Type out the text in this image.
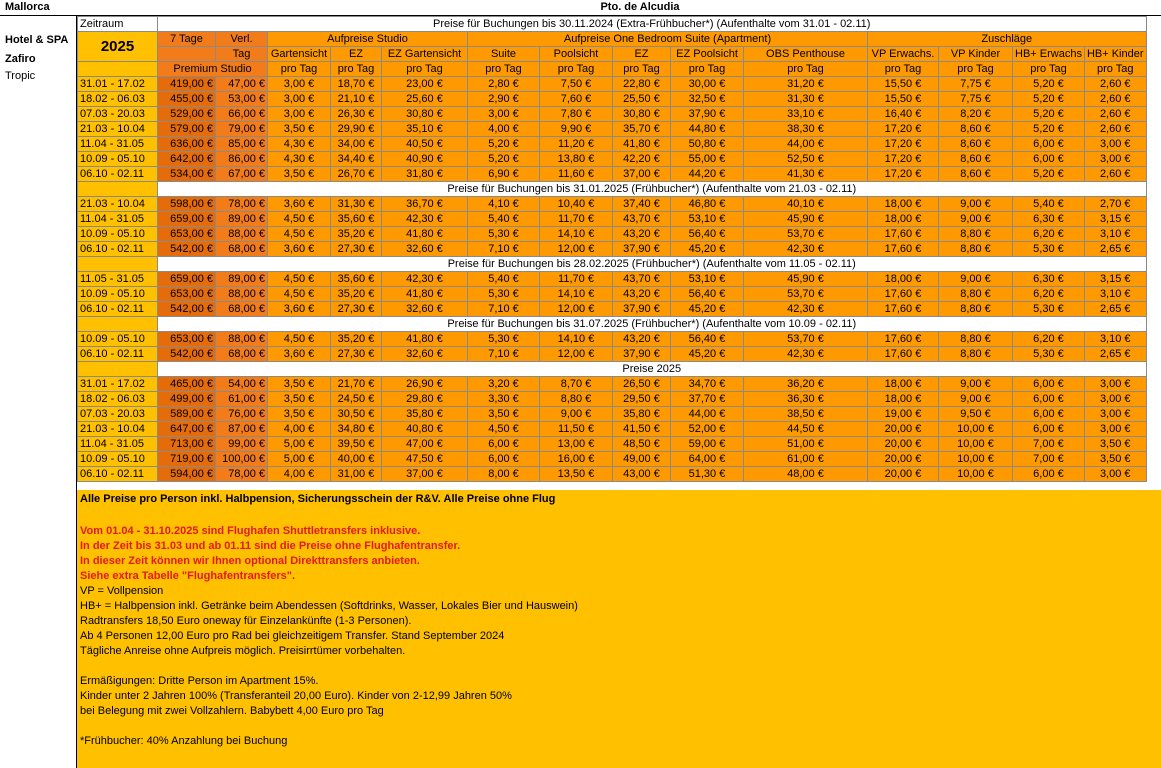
Mallorca	Pto. de Alcudia
Hotel & SPA
Zafiro
Tropic
Zeitraum	Preise für Buchungen bis 30.11.2024 (Extra-Frühbucher*) (Aufenthalte vom 31.01 - 02.11)													
2025	7 Tage	Verl.	Aufpreise Studio			Aufpreise One Bedroom Suite (Apartment)					Zuschläge			
		Tag	Gartensicht	EZ	EZ Gartensicht	Suite	Poolsicht	EZ	EZ Poolsicht	OBS Penthouse	VP Erwachs.	VP Kinder	HB+ Erwachs	HB+ Kinder
	Premium Studio		pro Tag	pro Tag	pro Tag	pro Tag	pro Tag	pro Tag	pro Tag	pro Tag	pro Tag	pro Tag	pro Tag	pro Tag
31.01 - 17.02	419,00 €	47,00 €	3,00 €	18,70 €	23,00 €	2,80 €	7,50 €	22,80 €	30,00 €	31,20 €	15,50 €	7,75 €	5,20 €	2,60 €
18.02 - 06.03	455,00 €	53,00 €	3,00 €	21,10 €	25,60 €	2,90 €	7,60 €	25,50 €	32,50 €	31,30 €	15,50 €	7,75 €	5,20 €	2,60 €
07.03 - 20.03	529,00 €	66,00 €	3,00 €	26,30 €	30,80 €	3,00 €	7,80 €	30,80 €	37,90 €	33,10 €	16,40 €	8,20 €	5,20 €	2,60 €
21.03 - 10.04	579,00 €	79,00 €	3,50 €	29,90 €	35,10 €	4,00 €	9,90 €	35,70 €	44,80 €	38,30 €	17,20 €	8,60 €	5,20 €	2,60 €
11.04 - 31.05	636,00 €	85,00 €	4,30 €	34,00 €	40,50 €	5,20 €	11,20 €	41,80 €	50,80 €	44,00 €	17,20 €	8,60 €	6,00 €	3,00 €
10.09 - 05.10	642,00 €	86,00 €	4,30 €	34,40 €	40,90 €	5,20 €	13,80 €	42,20 €	55,00 €	52,50 €	17,20 €	8,60 €	6,00 €	3,00 €
06.10 - 02.11	534,00 €	67,00 €	3,50 €	26,70 €	31,80 €	6,90 €	11,60 €	37,00 €	44,20 €	41,30 €	17,20 €	8,60 €	5,20 €	2,60 €
	Preise für Buchungen bis 31.01.2025 (Frühbucher*) (Aufenthalte vom 21.03 - 02.11)													
21.03 - 10.04	598,00 €	78,00 €	3,60 €	31,30 €	36,70 €	4,10 €	10,40 €	37,40 €	46,80 €	40,10 €	18,00 €	9,00 €	5,40 €	2,70 €
11.04 - 31.05	659,00 €	89,00 €	4,50 €	35,60 €	42,30 €	5,40 €	11,70 €	43,70 €	53,10 €	45,90 €	18,00 €	9,00 €	6,30 €	3,15 €
10.09 - 05.10	653,00 €	88,00 €	4,50 €	35,20 €	41,80 €	5,30 €	14,10 €	43,20 €	56,40 €	53,70 €	17,60 €	8,80 €	6,20 €	3,10 €
06.10 - 02.11	542,00 €	68,00 €	3,60 €	27,30 €	32,60 €	7,10 €	12,00 €	37,90 €	45,20 €	42,30 €	17,60 €	8,80 €	5,30 €	2,65 €
	Preise für Buchungen bis 28.02.2025 (Frühbucher*) (Aufenthalte vom 11.05 - 02.11)													
11.05 - 31.05	659,00 €	89,00 €	4,50 €	35,60 €	42,30 €	5,40 €	11,70 €	43,70 €	53,10 €	45,90 €	18,00 €	9,00 €	6,30 €	3,15 €
10.09 - 05.10	653,00 €	88,00 €	4,50 €	35,20 €	41,80 €	5,30 €	14,10 €	43,20 €	56,40 €	53,70 €	17,60 €	8,80 €	6,20 €	3,10 €
06.10 - 02.11	542,00 €	68,00 €	3,60 €	27,30 €	32,60 €	7,10 €	12,00 €	37,90 €	45,20 €	42,30 €	17,60 €	8,80 €	5,30 €	2,65 €
	Preise für Buchungen bis 31.07.2025 (Frühbucher*) (Aufenthalte vom 10.09 - 02.11)													
10.09 - 05.10	653,00 €	88,00 €	4,50 €	35,20 €	41,80 €	5,30 €	14,10 €	43,20 €	56,40 €	53,70 €	17,60 €	8,80 €	6,20 €	3,10 €
06.10 - 02.11	542,00 €	68,00 €	3,60 €	27,30 €	32,60 €	7,10 €	12,00 €	37,90 €	45,20 €	42,30 €	17,60 €	8,80 €	5,30 €	2,65 €
	Preise 2025													
31.01 - 17.02	465,00 €	54,00 €	3,50 €	21,70 €	26,90 €	3,20 €	8,70 €	26,50 €	34,70 €	36,20 €	18,00 €	9,00 €	6,00 €	3,00 €
18.02 - 06.03	499,00 €	61,00 €	3,50 €	24,50 €	29,80 €	3,30 €	8,80 €	29,50 €	37,70 €	36,30 €	18,00 €	9,00 €	6,00 €	3,00 €
07.03 - 20.03	589,00 €	76,00 €	3,50 €	30,50 €	35,80 €	3,50 €	9,00 €	35,80 €	44,00 €	38,50 €	19,00 €	9,50 €	6,00 €	3,00 €
21.03 - 10.04	647,00 €	87,00 €	4,00 €	34,80 €	40,80 €	4,50 €	11,50 €	41,50 €	52,00 €	44,50 €	20,00 €	10,00 €	6,00 €	3,00 €
11.04 - 31.05	713,00 €	99,00 €	5,00 €	39,50 €	47,00 €	6,00 €	13,00 €	48,50 €	59,00 €	51,00 €	20,00 €	10,00 €	7,00 €	3,50 €
10.09 - 05.10	719,00 €	100,00 €	5,00 €	40,00 €	47,50 €	6,00 €	16,00 €	49,00 €	64,00 €	61,00 €	20,00 €	10,00 €	7,00 €	3,50 €
06.10 - 02.11	594,00 €	78,00 €	4,00 €	31,00 €	37,00 €	8,00 €	13,50 €	43,00 €	51,30 €	48,00 €	20,00 €	10,00 €	6,00 €	3,00 €
Alle Preise pro Person inkl. Halbpension, Sicherungsschein der R&V. Alle Preise ohne Flug
Vom 01.04 - 31.10.2025 sind Flughafen Shuttletransfers inklusive.
In der Zeit bis 31.03 und ab 01.11 sind die Preise ohne Flughafentransfer.
In dieser Zeit können wir Ihnen optional Direkttransfers anbieten.
Siehe extra Tabelle "Flughafentransfers".
VP = Vollpension
HB+ = Halbpension inkl. Getränke beim Abendessen (Softdrinks, Wasser, Lokales Bier und Hauswein)
Radtransfers 18,50 Euro oneway für Einzelankünfte (1-3 Personen).
Ab 4 Personen 12,00 Euro pro Rad bei gleichzeitigem Transfer. Stand September 2024
Tägliche Anreise ohne Aufpreis möglich. Preisirrtümer vorbehalten.
Ermäßigungen: Dritte Person im Apartment 15%.
Kinder unter 2 Jahren 100% (Transferanteil 20,00 Euro). Kinder von 2-12,99 Jahren 50%
bei Belegung mit zwei Vollzahlern. Babybett 4,00 Euro pro Tag
*Frühbucher: 40% Anzahlung bei Buchung
